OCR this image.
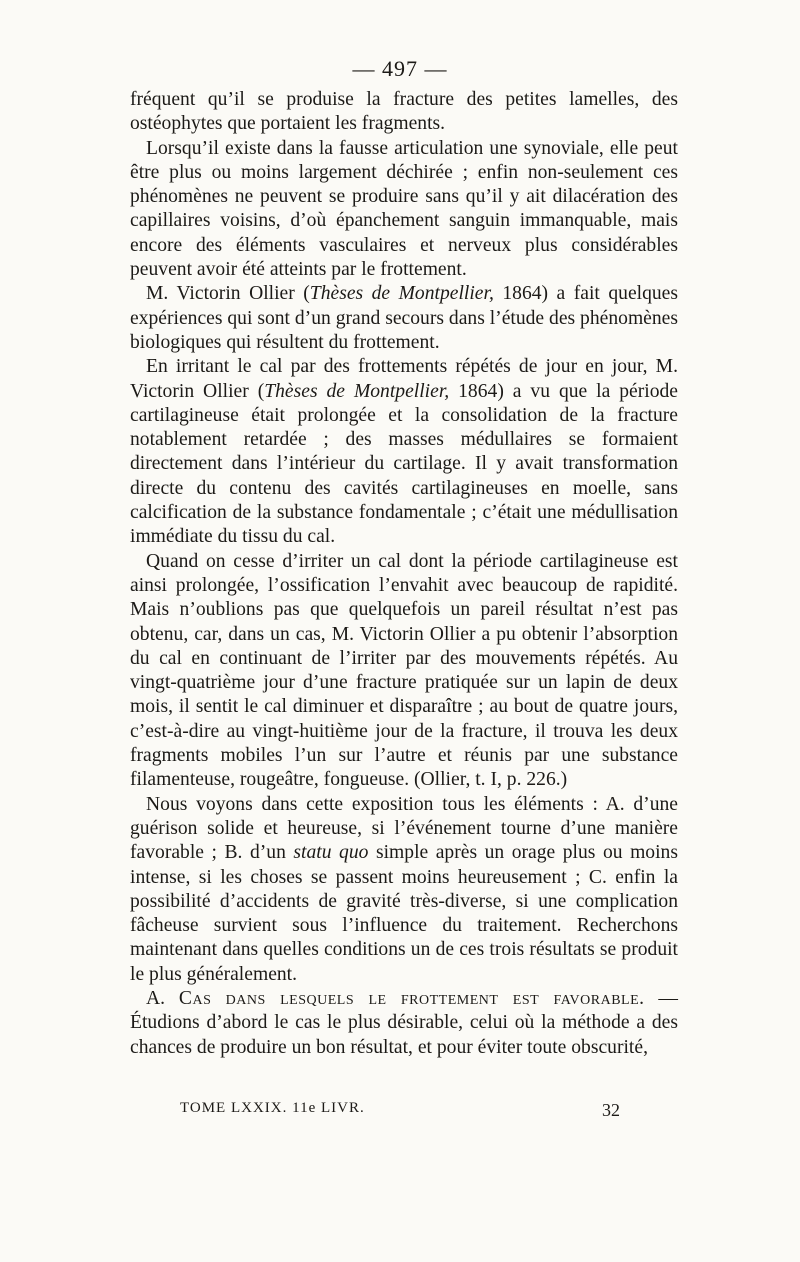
— 497 —

fréquent qu’il se produise la fracture des petites lamelles, des ostéophytes que portaient les fragments.

Lorsqu’il existe dans la fausse articulation une synoviale, elle peut être plus ou moins largement déchirée ; enfin non-seulement ces phénomènes ne peuvent se produire sans qu’il y ait dilacération des capillaires voisins, d’où épanchement sanguin immanquable, mais encore des éléments vasculaires et nerveux plus considérables peuvent avoir été atteints par le frottement.

M. Victorin Ollier (Thèses de Montpellier, 1864) a fait quelques expériences qui sont d’un grand secours dans l’étude des phénomènes biologiques qui résultent du frottement.

En irritant le cal par des frottements répétés de jour en jour, M. Victorin Ollier (Thèses de Montpellier, 1864) a vu que la période cartilagineuse était prolongée et la consolidation de la fracture notablement retardée ; des masses médullaires se formaient directement dans l’intérieur du cartilage. Il y avait transformation directe du contenu des cavités cartilagineuses en moelle, sans calcification de la substance fondamentale ; c’était une médullisation immédiate du tissu du cal.

Quand on cesse d’irriter un cal dont la période cartilagineuse est ainsi prolongée, l’ossification l’envahit avec beaucoup de rapidité. Mais n’oublions pas que quelquefois un pareil résultat n’est pas obtenu, car, dans un cas, M. Victorin Ollier a pu obtenir l’absorption du cal en continuant de l’irriter par des mouvements répétés. Au vingt-quatrième jour d’une fracture pratiquée sur un lapin de deux mois, il sentit le cal diminuer et disparaître ; au bout de quatre jours, c’est-à-dire au vingt-huitième jour de la fracture, il trouva les deux fragments mobiles l’un sur l’autre et réunis par une substance filamenteuse, rougeâtre, fongueuse. (Ollier, t. I, p. 226.)

Nous voyons dans cette exposition tous les éléments : A. d’une guérison solide et heureuse, si l’événement tourne d’une manière favorable ; B. d’un statu quo simple après un orage plus ou moins intense, si les choses se passent moins heureusement ; C. enfin la possibilité d’accidents de gravité très-diverse, si une complication fâcheuse survient sous l’influence du traitement. Recherchons maintenant dans quelles conditions un de ces trois résultats se produit le plus généralement.

A. Cas dans lesquels le frottement est favorable. — Étudions d’abord le cas le plus désirable, celui où la méthode a des chances de produire un bon résultat, et pour éviter toute obscurité,

TOME LXXIX. 11e LIVR.	32
